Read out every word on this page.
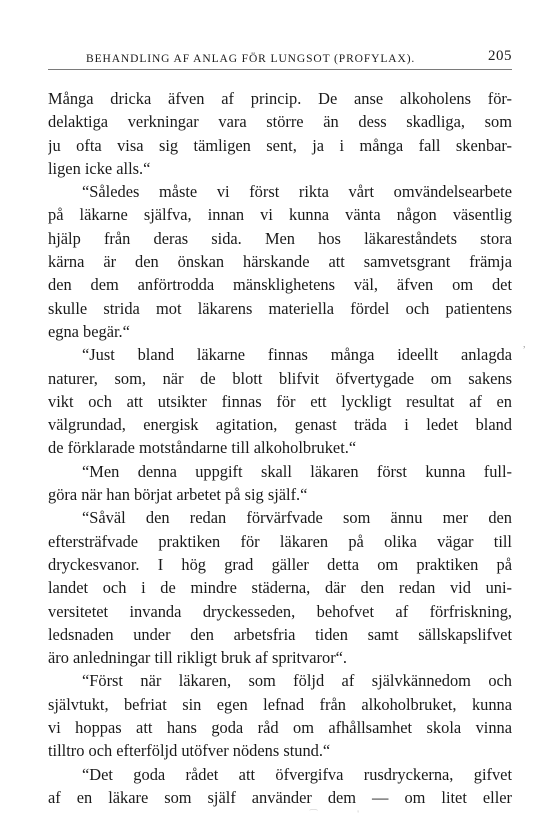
BEHANDLING AF ANLAG FÖR LUNGSOT (PROFYLAX).	205
Många dricka äfven af princip. De anse alkoholens för-
delaktiga verkningar vara större än dess skadliga, som
ju ofta visa sig tämligen sent, ja i många fall skenbar-
ligen icke alls.“
“Således måste vi först rikta vårt omvändelsearbete
på läkarne själfva, innan vi kunna vänta någon väsentlig
hjälp från deras sida. Men hos läkareståndets stora
kärna är den önskan härskande att samvetsgrant främja
den dem anförtrodda mänsklighetens väl, äfven om det
skulle strida mot läkarens materiella fördel och patientens
egna begär.“
“Just bland läkarne finnas många ideellt anlagda
naturer, som, när de blott blifvit öfvertygade om sakens
vikt och att utsikter finnas för ett lyckligt resultat af en
välgrundad, energisk agitation, genast träda i ledet bland
de förklarade motståndarne till alkoholbruket.“
“Men denna uppgift skall läkaren först kunna full-
göra när han börjat arbetet på sig själf.“
“Såväl den redan förvärfvade som ännu mer den
eftersträfvade praktiken för läkaren på olika vägar till
dryckesvanor. I hög grad gäller detta om praktiken på
landet och i de mindre städerna, där den redan vid uni-
versitetet invanda dryckesseden, behofvet af förfriskning,
ledsnaden under den arbetsfria tiden samt sällskapslifvet
äro anledningar till rikligt bruk af spritvaror“.
“Först när läkaren, som följd af självkännedom och
självtukt, befriat sin egen lefnad från alkoholbruket, kunna
vi hoppas att hans goda råd om afhållsamhet skola vinna
tilltro och efterföljd utöfver nödens stund.“
“Det goda rådet att öfvergifva rusdryckerna, gifvet
af en läkare som själf använder dem — om litet eller
,
⁀'
